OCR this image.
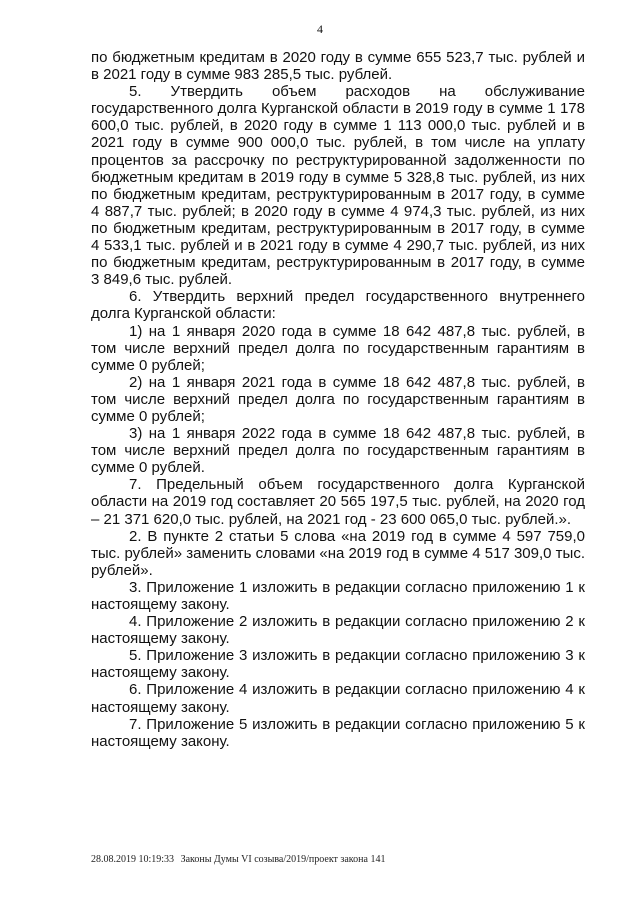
4

по бюджетным кредитам в 2020 году в сумме 655 523,7 тыс. рублей и в 2021 году в сумме 983 285,5 тыс. рублей.

5. Утвердить объем расходов на обслуживание государственного долга Курганской области в 2019 году в сумме 1 178 600,0 тыс. рублей, в 2020 году в сумме 1 113 000,0 тыс. рублей и в 2021 году в сумме 900 000,0 тыс. рублей, в том числе на уплату процентов за рассрочку по реструктурированной задолженности по бюджетным кредитам в 2019 году в сумме 5 328,8 тыс. рублей, из них по бюджетным кредитам, реструктурированным в 2017 году, в сумме 4 887,7 тыс. рублей; в 2020 году в сумме 4 974,3 тыс. рублей, из них по бюджетным кредитам, реструктурированным в 2017 году, в сумме 4 533,1 тыс. рублей и в 2021 году в сумме 4 290,7 тыс. рублей, из них по бюджетным кредитам, реструктурированным в 2017 году, в сумме 3 849,6 тыс. рублей.

6. Утвердить верхний предел государственного внутреннего долга Курганской области:

1) на 1 января 2020 года в сумме 18 642 487,8 тыс. рублей, в том числе верхний предел долга по государственным гарантиям в сумме 0 рублей;

2) на 1 января 2021 года в сумме 18 642 487,8 тыс. рублей, в том числе верхний предел долга по государственным гарантиям в сумме 0 рублей;

3) на 1 января 2022 года в сумме 18 642 487,8 тыс. рублей, в том числе верхний предел долга по государственным гарантиям в сумме 0 рублей.

7. Предельный объем государственного долга Курганской области на 2019 год составляет 20 565 197,5 тыс. рублей, на 2020 год – 21 371 620,0 тыс. рублей, на 2021 год - 23 600 065,0 тыс. рублей.».

2. В пункте 2 статьи 5 слова «на 2019 год в сумме 4 597 759,0 тыс. рублей» заменить словами «на 2019 год в сумме 4 517 309,0 тыс. рублей».

3. Приложение 1 изложить в редакции согласно приложению 1 к настоящему закону.

4. Приложение 2 изложить в редакции согласно приложению 2 к настоящему закону.

5. Приложение 3 изложить в редакции согласно приложению 3 к настоящему закону.

6. Приложение 4 изложить в редакции согласно приложению 4 к настоящему закону.

7. Приложение 5 изложить в редакции согласно приложению 5 к настоящему закону.

28.08.2019 10:19:33 Законы Думы VI созыва/2019/проект закона 141
